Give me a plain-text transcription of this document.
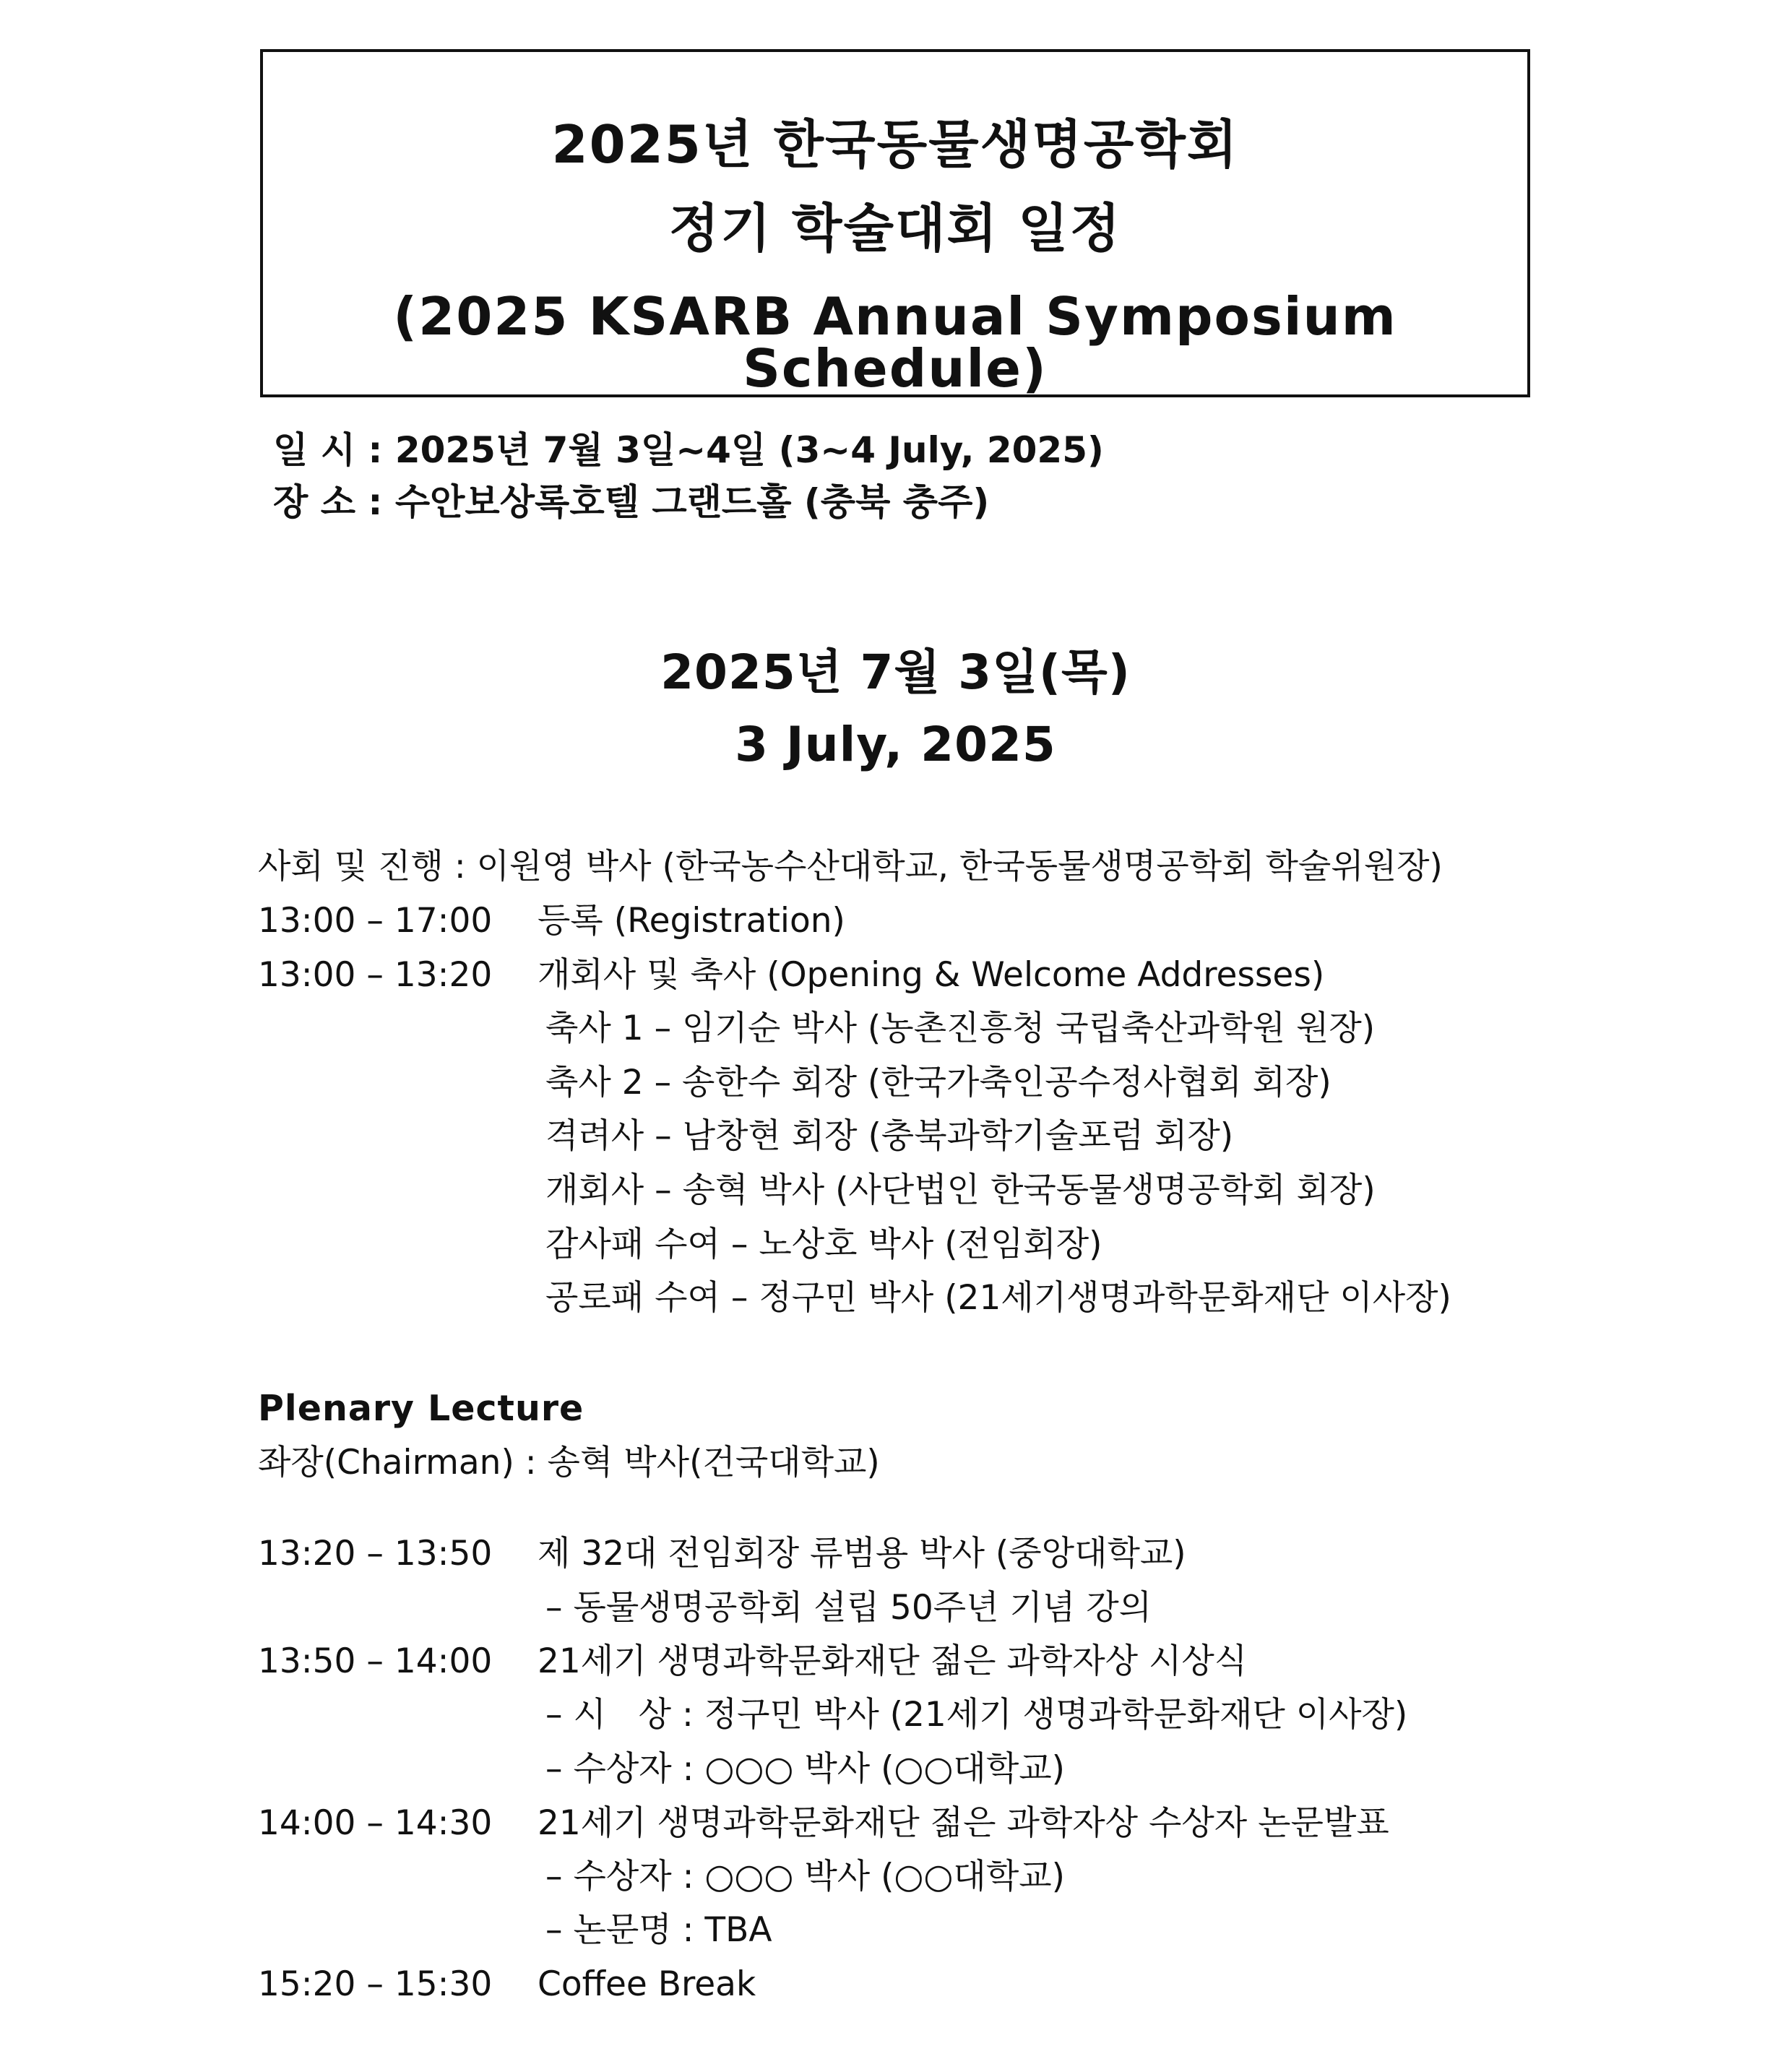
2025년 한국동물생명공학회
정기 학술대회 일정
(2025 KSARB Annual Symposium Schedule)
일 시 : 2025년 7월 3일~4일 (3~4 July, 2025)
장 소 : 수안보상록호텔 그랜드홀 (충북 충주)
2025년 7월 3일(목)
3 July, 2025
사회 및 진행 : 이원영 박사 (한국농수산대학교, 한국동물생명공학회 학술위원장)

13:00 – 17:00

등록 (Registration)

13:00 – 13:20

개회사 및 축사 (Opening & Welcome Addresses)

축사 1 – 임기순 박사 (농촌진흥청 국립축산과학원 원장)

축사 2 – 송한수 회장 (한국가축인공수정사협회 회장)

격려사 – 남창현 회장 (충북과학기술포럼 회장)

개회사 – 송혁 박사 (사단법인 한국동물생명공학회 회장)

감사패 수여 – 노상호 박사 (전임회장)

공로패 수여 – 정구민 박사 (21세기생명과학문화재단 이사장)

Plenary Lecture
좌장(Chairman) : 송혁 박사(건국대학교)

13:20 – 13:50

제 32대 전임회장 류범용 박사 (중앙대학교)

– 동물생명공학회 설립 50주년 기념 강의

13:50 – 14:00

21세기 생명과학문화재단 젊은 과학자상 시상식

– 시   상 : 정구민 박사 (21세기 생명과학문화재단 이사장)

– 수상자 : ○○○ 박사 (○○대학교)

14:00 – 14:30

21세기 생명과학문화재단 젊은 과학자상 수상자 논문발표

– 수상자 : ○○○ 박사 (○○대학교)

– 논문명 : TBA

15:20 – 15:30

Coffee Break
